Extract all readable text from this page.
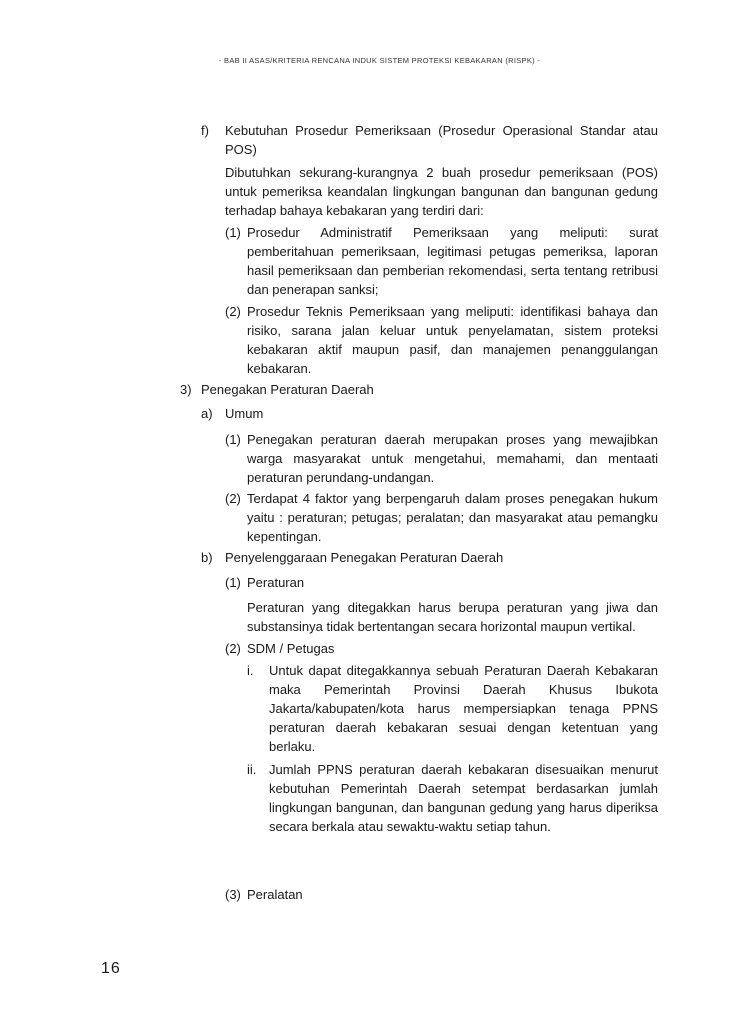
- BAB II ASAS/KRITERIA RENCANA INDUK SISTEM PROTEKSI KEBAKARAN (RISPK) -
f)	Kebutuhan Prosedur Pemeriksaan (Prosedur Operasional Standar atau POS)
Dibutuhkan sekurang-kurangnya 2 buah prosedur pemeriksaan (POS) untuk pemeriksa keandalan lingkungan bangunan dan bangunan gedung terhadap bahaya kebakaran yang terdiri dari:
(1) Prosedur Administratif Pemeriksaan yang meliputi: surat pemberitahuan pemeriksaan, legitimasi petugas pemeriksa, laporan hasil pemeriksaan dan pemberian rekomendasi, serta tentang retribusi dan penerapan sanksi;
(2) Prosedur Teknis Pemeriksaan yang meliputi: identifikasi bahaya dan risiko, sarana jalan keluar untuk penyelamatan, sistem proteksi kebakaran aktif maupun pasif, dan manajemen penanggulangan kebakaran.
3) Penegakan Peraturan Daerah
a) Umum
(1) Penegakan peraturan daerah merupakan proses yang mewajibkan warga masyarakat untuk mengetahui, memahami, dan mentaati peraturan perundang-undangan.
(2) Terdapat 4 faktor yang berpengaruh dalam proses penegakan hukum yaitu : peraturan; petugas; peralatan; dan masyarakat atau pemangku kepentingan.
b) Penyelenggaraan Penegakan Peraturan Daerah
(1) Peraturan
Peraturan yang ditegakkan harus berupa peraturan yang jiwa dan substansinya tidak bertentangan secara horizontal maupun vertikal.
(2) SDM / Petugas
i.	Untuk dapat ditegakkannya sebuah Peraturan Daerah Kebakaran maka Pemerintah Provinsi Daerah Khusus Ibukota Jakarta/kabupaten/kota harus mempersiapkan tenaga PPNS peraturan daerah kebakaran sesuai dengan ketentuan yang berlaku.
ii. Jumlah PPNS peraturan daerah kebakaran disesuaikan menurut kebutuhan Pemerintah Daerah setempat berdasarkan jumlah lingkungan bangunan, dan bangunan gedung yang harus diperiksa secara berkala atau sewaktu-waktu setiap tahun.
(3) Peralatan
16
